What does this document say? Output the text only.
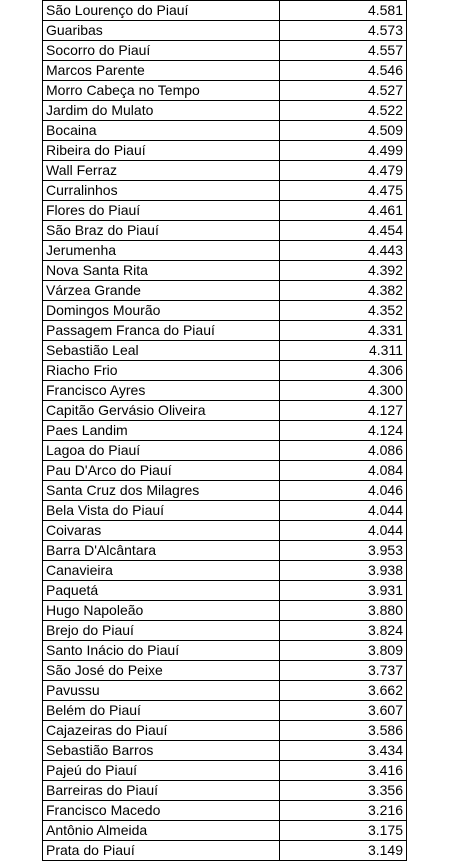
São Lourenço do Piauí	4.581
Guaribas	4.573
Socorro do Piauí	4.557
Marcos Parente	4.546
Morro Cabeça no Tempo	4.527
Jardim do Mulato	4.522
Bocaina	4.509
Ribeira do Piauí	4.499
Wall Ferraz	4.479
Curralinhos	4.475
Flores do Piauí	4.461
São Braz do Piauí	4.454
Jerumenha	4.443
Nova Santa Rita	4.392
Várzea Grande	4.382
Domingos Mourão	4.352
Passagem Franca do Piauí	4.331
Sebastião Leal	4.311
Riacho Frio	4.306
Francisco Ayres	4.300
Capitão Gervásio Oliveira	4.127
Paes Landim	4.124
Lagoa do Piauí	4.086
Pau D'Arco do Piauí	4.084
Santa Cruz dos Milagres	4.046
Bela Vista do Piauí	4.044
Coivaras	4.044
Barra D'Alcântara	3.953
Canavieira	3.938
Paquetá	3.931
Hugo Napoleão	3.880
Brejo do Piauí	3.824
Santo Inácio do Piauí	3.809
São José do Peixe	3.737
Pavussu	3.662
Belém do Piauí	3.607
Cajazeiras do Piauí	3.586
Sebastião Barros	3.434
Pajeú do Piauí	3.416
Barreiras do Piauí	3.356
Francisco Macedo	3.216
Antônio Almeida	3.175
Prata do Piauí	3.149
